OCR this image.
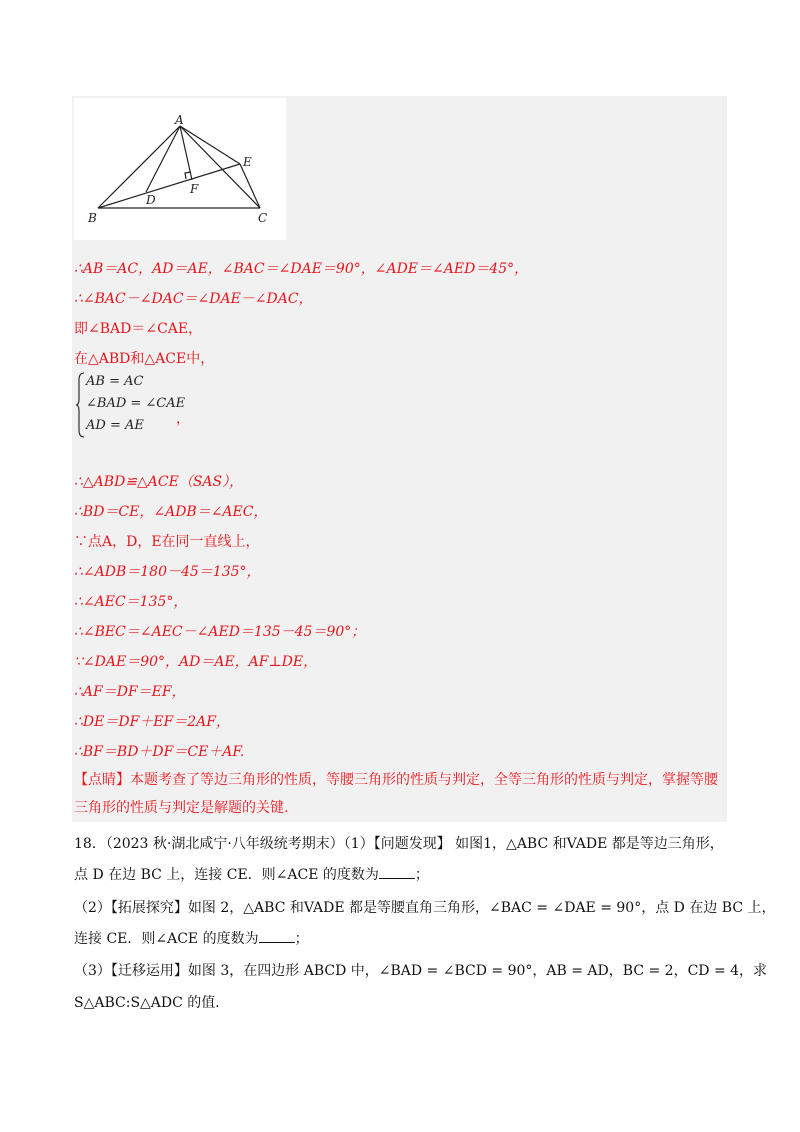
A
B	C
D
E
F
∴AB＝AC，AD＝AE，∠BAC＝∠DAE＝90°，∠ADE＝∠AED＝45°，
∴∠BAC－∠DAC＝∠DAE－∠DAC，
即∠BAD＝∠CAE，
在△ABD和△ACE中，
AB = AC
∠BAD = ∠CAE
AD = AE ，
∴△ABD≌△ACE（SAS），
∴BD＝CE，∠ADB＝∠AEC，
∵点A，D，E在同一直线上，
∴∠ADB＝180－45＝135°，
∴∠AEC＝135°，
∴∠BEC＝∠AEC－∠AED＝135－45＝90°；
∵∠DAE＝90°，AD＝AE，AF⊥DE，
∴AF＝DF＝EF，
∴DE＝DF＋EF＝2AF，
∴BF＝BD＋DF＝CE＋AF.
【点睛】本题考查了等边三角形的性质，等腰三角形的性质与判定，全等三角形的性质与判定，掌握等腰三角形的性质与判定是解题的关键.
18．（2023 秋·湖北咸宁·八年级统考期末）（1）【问题发现】 如图1，△ABC 和VADE 都是等边三角形，
点 D 在边 BC 上，连接 CE．则∠ACE 的度数为	；
（2）【拓展探究】如图 2，△ABC 和VADE 都是等腰直角三角形，∠BAC = ∠DAE = 90°，点 D 在边 BC 上，
连接 CE．则∠ACE 的度数为	；
（3）【迁移运用】如图 3，在四边形 ABCD 中，∠BAD = ∠BCD = 90°，AB = AD，BC = 2，CD = 4，求
S△ABC:S△ADC 的值．
